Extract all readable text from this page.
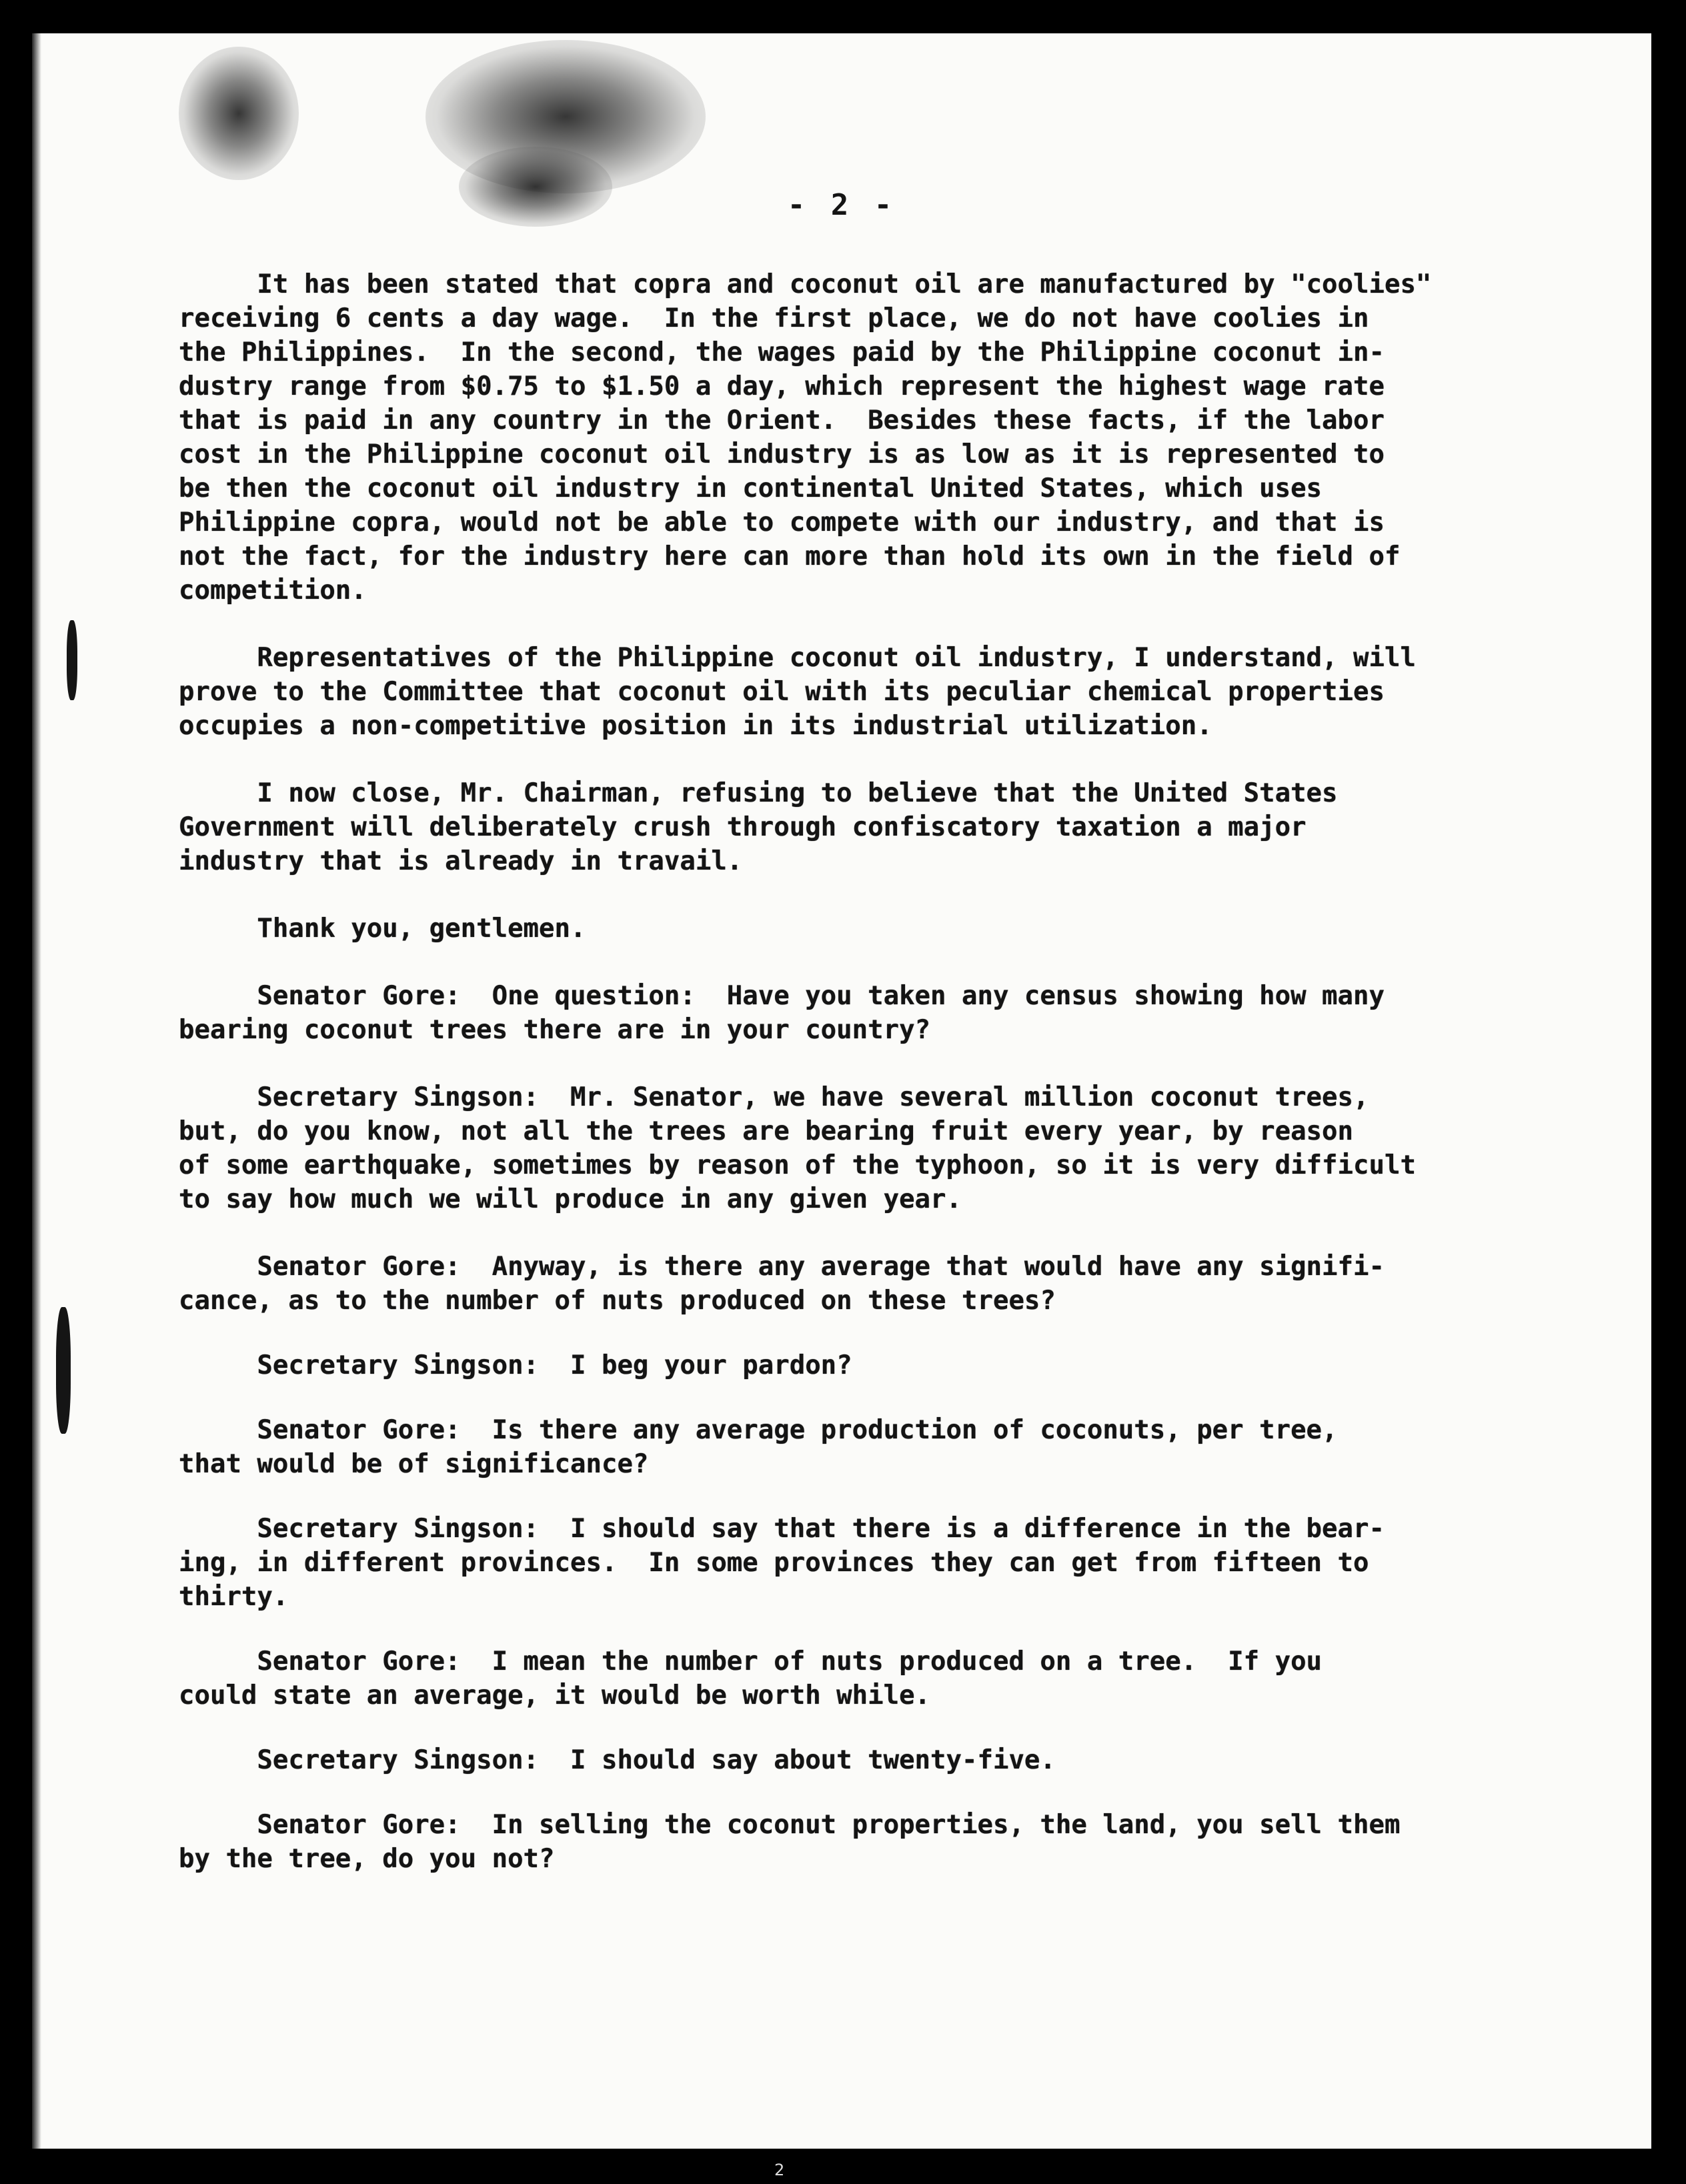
- 2 -

It has been stated that copra and coconut oil are manufactured by "coolies"

receiving 6 cents a day wage.  In the first place, we do not have coolies in

the Philippines.  In the second, the wages paid by the Philippine coconut in-

dustry range from $0.75 to $1.50 a day, which represent the highest wage rate

that is paid in any country in the Orient.  Besides these facts, if the labor

cost in the Philippine coconut oil industry is as low as it is represented to

be then the coconut oil industry in continental United States, which uses

Philippine copra, would not be able to compete with our industry, and that is

not the fact, for the industry here can more than hold its own in the field of

competition.

Representatives of the Philippine coconut oil industry, I understand, will

prove to the Committee that coconut oil with its peculiar chemical properties

occupies a non-competitive position in its industrial utilization.

I now close, Mr. Chairman, refusing to believe that the United States

Government will deliberately crush through confiscatory taxation a major

industry that is already in travail.

Thank you, gentlemen.

Senator Gore:  One question:  Have you taken any census showing how many

bearing coconut trees there are in your country?

Secretary Singson:  Mr. Senator, we have several million coconut trees,

but, do you know, not all the trees are bearing fruit every year, by reason

of some earthquake, sometimes by reason of the typhoon, so it is very difficult

to say how much we will produce in any given year.

Senator Gore:  Anyway, is there any average that would have any signifi-

cance, as to the number of nuts produced on these trees?

Secretary Singson:  I beg your pardon?

Senator Gore:  Is there any average production of coconuts, per tree,

that would be of significance?

Secretary Singson:  I should say that there is a difference in the bear-

ing, in different provinces.  In some provinces they can get from fifteen to

thirty.

Senator Gore:  I mean the number of nuts produced on a tree.  If you

could state an average, it would be worth while.

Secretary Singson:  I should say about twenty-five.

Senator Gore:  In selling the coconut properties, the land, you sell them

by the tree, do you not?

2
